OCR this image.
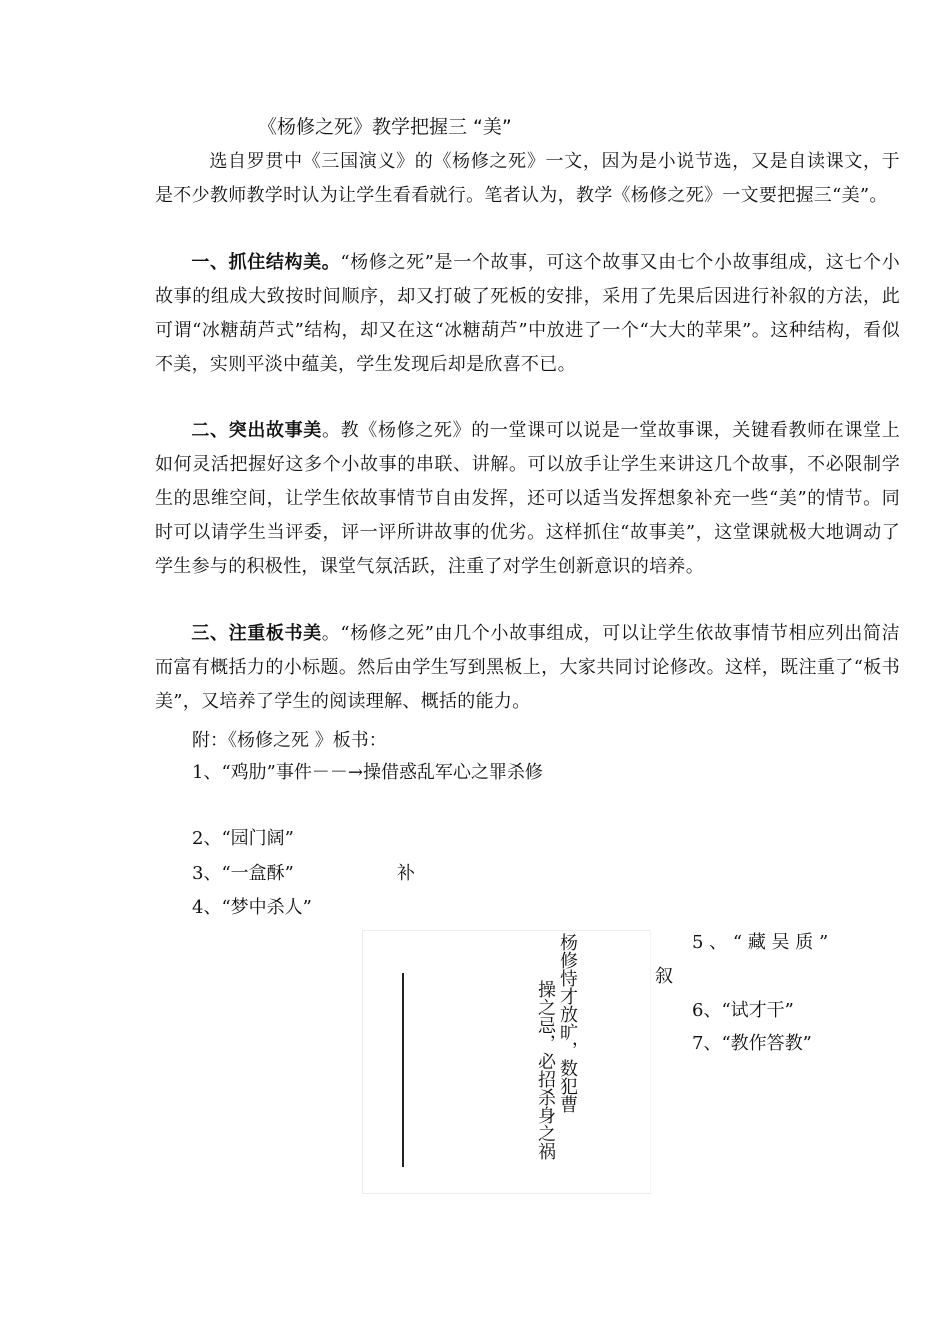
《杨修之死》教学把握三 “美”
选自罗贯中《三国演义》的《杨修之死》一文，因为是小说节选，又是自读课文，于是不少教师教学时认为让学生看看就行。笔者认为，教学《杨修之死》一文要把握三“美”。
一、抓住结构美。“杨修之死”是一个故事，可这个故事又由七个小故事组成，这七个小故事的组成大致按时间顺序，却又打破了死板的安排，采用了先果后因进行补叙的方法，此可谓“冰糖葫芦式”结构，却又在这“冰糖葫芦”中放进了一个“大大的苹果”。这种结构，看似不美，实则平淡中蕴美，学生发现后却是欣喜不已。
二、突出故事美。教《杨修之死》的一堂课可以说是一堂故事课，关键看教师在课堂上如何灵活把握好这多个小故事的串联、讲解。可以放手让学生来讲这几个故事，不必限制学生的思维空间，让学生依故事情节自由发挥，还可以适当发挥想象补充一些“美”的情节。同时可以请学生当评委，评一评所讲故事的优劣。这样抓住“故事美”，这堂课就极大地调动了学生参与的积极性，课堂气氛活跃，注重了对学生创新意识的培养。
三、注重板书美。“杨修之死”由几个小故事组成，可以让学生依故事情节相应列出简洁而富有概括力的小标题。然后由学生写到黑板上，大家共同讨论修改。这样，既注重了“板书美”，又培养了学生的阅读理解、概括的能力。
附：《杨修之死 》板书：
1、“鸡肋”事件－－→操借惑乱军心之罪杀修
2、“园门阔”
3、“一盒酥”	补
4、“梦中杀人”
杨修恃才放旷，数犯曹
操之忌，必招杀身之祸
5 、 “ 藏 吴 质 ”
叙
6、“试才干”
7、“教作答教”
